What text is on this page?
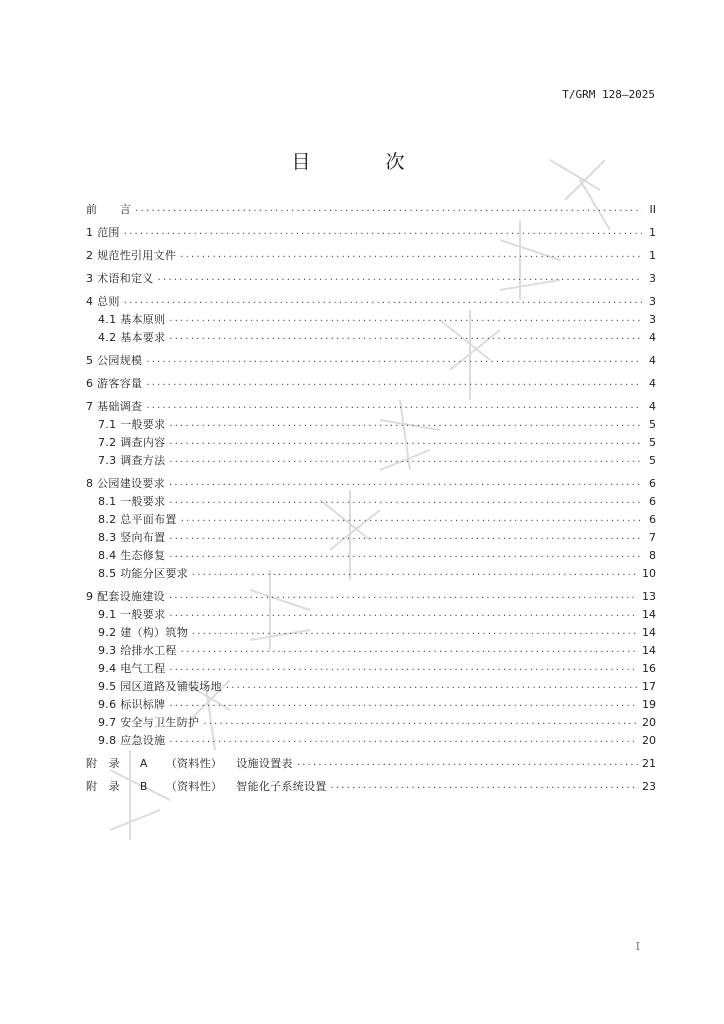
T/GRM 128—2025
目　次
前　　言 .....	II
1 范围 .....	1
2 规范性引用文件 .....	1
3 术语和定义 .....	3
4 总则 .....	3
4.1 基本原则 .....	3
4.2 基本要求 .....	4
5 公园规模 .....	4
6 游客容量 .....	4
7 基础调查 .....	4
7.1 一般要求 .....	5
7.2 调查内容 .....	5
7.3 调查方法 .....	5
8 公园建设要求 .....	6
8.1 一般要求 .....	6
8.2 总平面布置 .....	6
8.3 竖向布置 .....	7
8.4 生态修复 .....	8
8.5 功能分区要求 .....	10
9 配套设施建设 .....	13
9.1 一般要求 .....	14
9.2 建（构）筑物 .....	14
9.3 给排水工程 .....	14
9.4 电气工程 .....	16
9.5 园区道路及铺装场地 .....	17
9.6 标识标牌 .....	19
9.7 安全与卫生防护 .....	20
9.8 应急设施 .....	20
附　录 A （资料性） 设施设置表 .....	21
附　录 B （资料性） 智能化子系统设置 .....	23
I
